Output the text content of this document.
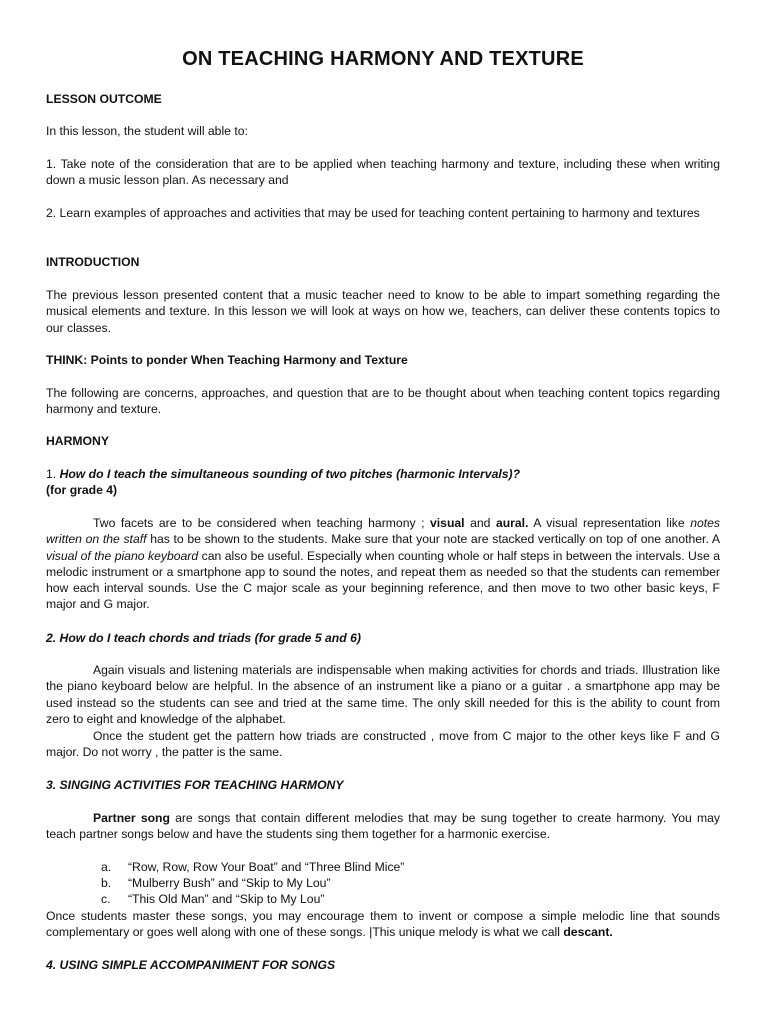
ON TEACHING HARMONY AND TEXTURE

LESSON OUTCOME

In this lesson, the student will able to:

1. Take note of the consideration that are to be applied when teaching harmony and texture, including these when writing down a music lesson plan. As necessary and

2. Learn examples of approaches and activities that may be used for teaching content pertaining to harmony and textures

INTRODUCTION

The previous lesson presented content that a music teacher need to know to be able to impart something regarding the musical elements and texture. In this lesson we will look at ways on how we, teachers, can deliver these contents topics to our classes.

THINK: Points to ponder When Teaching Harmony and Texture

The following are concerns, approaches, and question that are to be thought about when teaching content topics regarding harmony and texture.

HARMONY

1. How do I teach the simultaneous sounding of two pitches (harmonic Intervals)?
(for grade 4)

Two facets are to be considered when teaching harmony ; visual and aural. A visual representation like notes written on the staff has to be shown to the students. Make sure that your note are stacked vertically on top of one another. A visual of the piano keyboard can also be useful. Especially when counting whole or half steps in between the intervals. Use a melodic instrument or a smartphone app to sound the notes, and repeat them as needed so that the students can remember how each interval sounds. Use the C major scale as your beginning reference, and then move to two other basic keys, F major and G major.

2. How do I teach chords and triads (for grade 5 and 6)

Again visuals and listening materials are indispensable when making activities for chords and triads. Illustration like the piano keyboard below are helpful. In the absence of an instrument like a piano or a guitar . a smartphone app may be used instead so the students can see and tried at the same time. The only skill needed for this is the ability to count from zero to eight and knowledge of the alphabet.

Once the student get the pattern how triads are constructed , move from C major to the other keys like F and G major. Do not worry , the patter is the same.

3. SINGING ACTIVITIES FOR TEACHING HARMONY

Partner song are songs that contain different melodies that may be sung together to create harmony. You may teach partner songs below and have the students sing them together for a harmonic exercise.

a. “Row, Row, Row Your Boat” and “Three Blind Mice”
b. “Mulberry Bush” and “Skip to My Lou”
c. “This Old Man” and “Skip to My Lou”

Once students master these songs, you may encourage them to invent or compose a simple melodic line that sounds complementary or goes well along with one of these songs. |This unique melody is what we call descant.

4. USING SIMPLE ACCOMPANIMENT FOR SONGS
